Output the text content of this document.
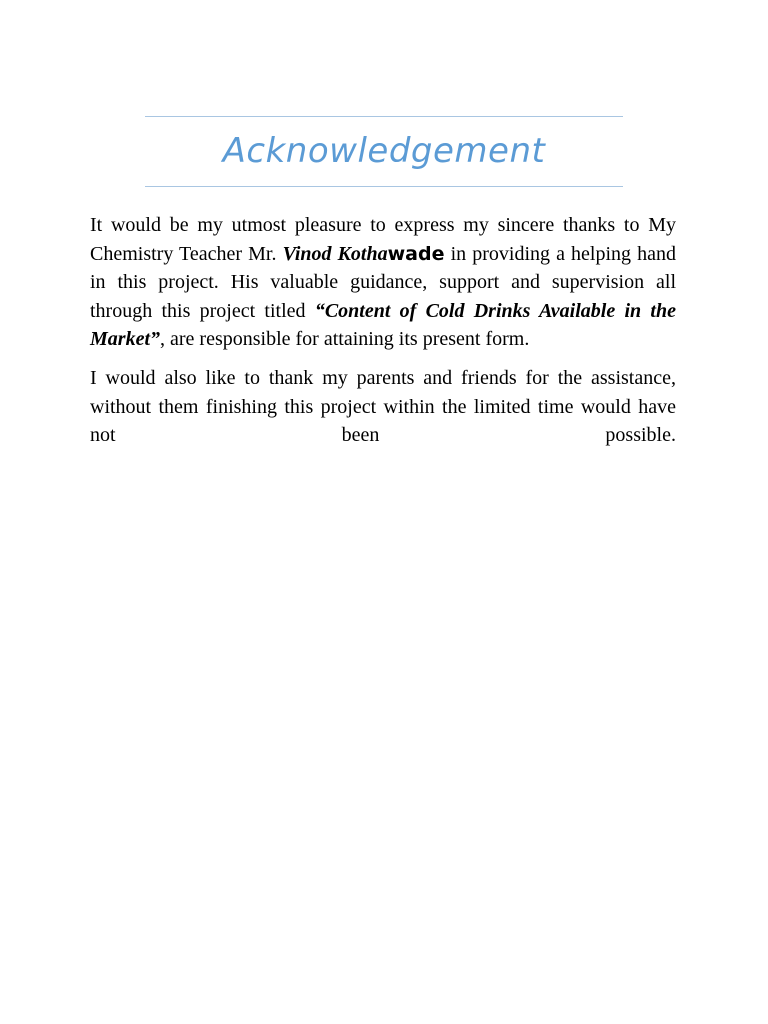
Acknowledgement

It would be my utmost pleasure to express my sincere thanks to My Chemistry Teacher Mr. Vinod Kothawade in providing a helping hand in this project. His valuable guidance, support and supervision all through this project titled “Content of Cold Drinks Available in the Market”, are responsible for attaining its present form.

I would also like to thank my parents and friends for the assistance, without them finishing this project within the limited time would have not been possible.
